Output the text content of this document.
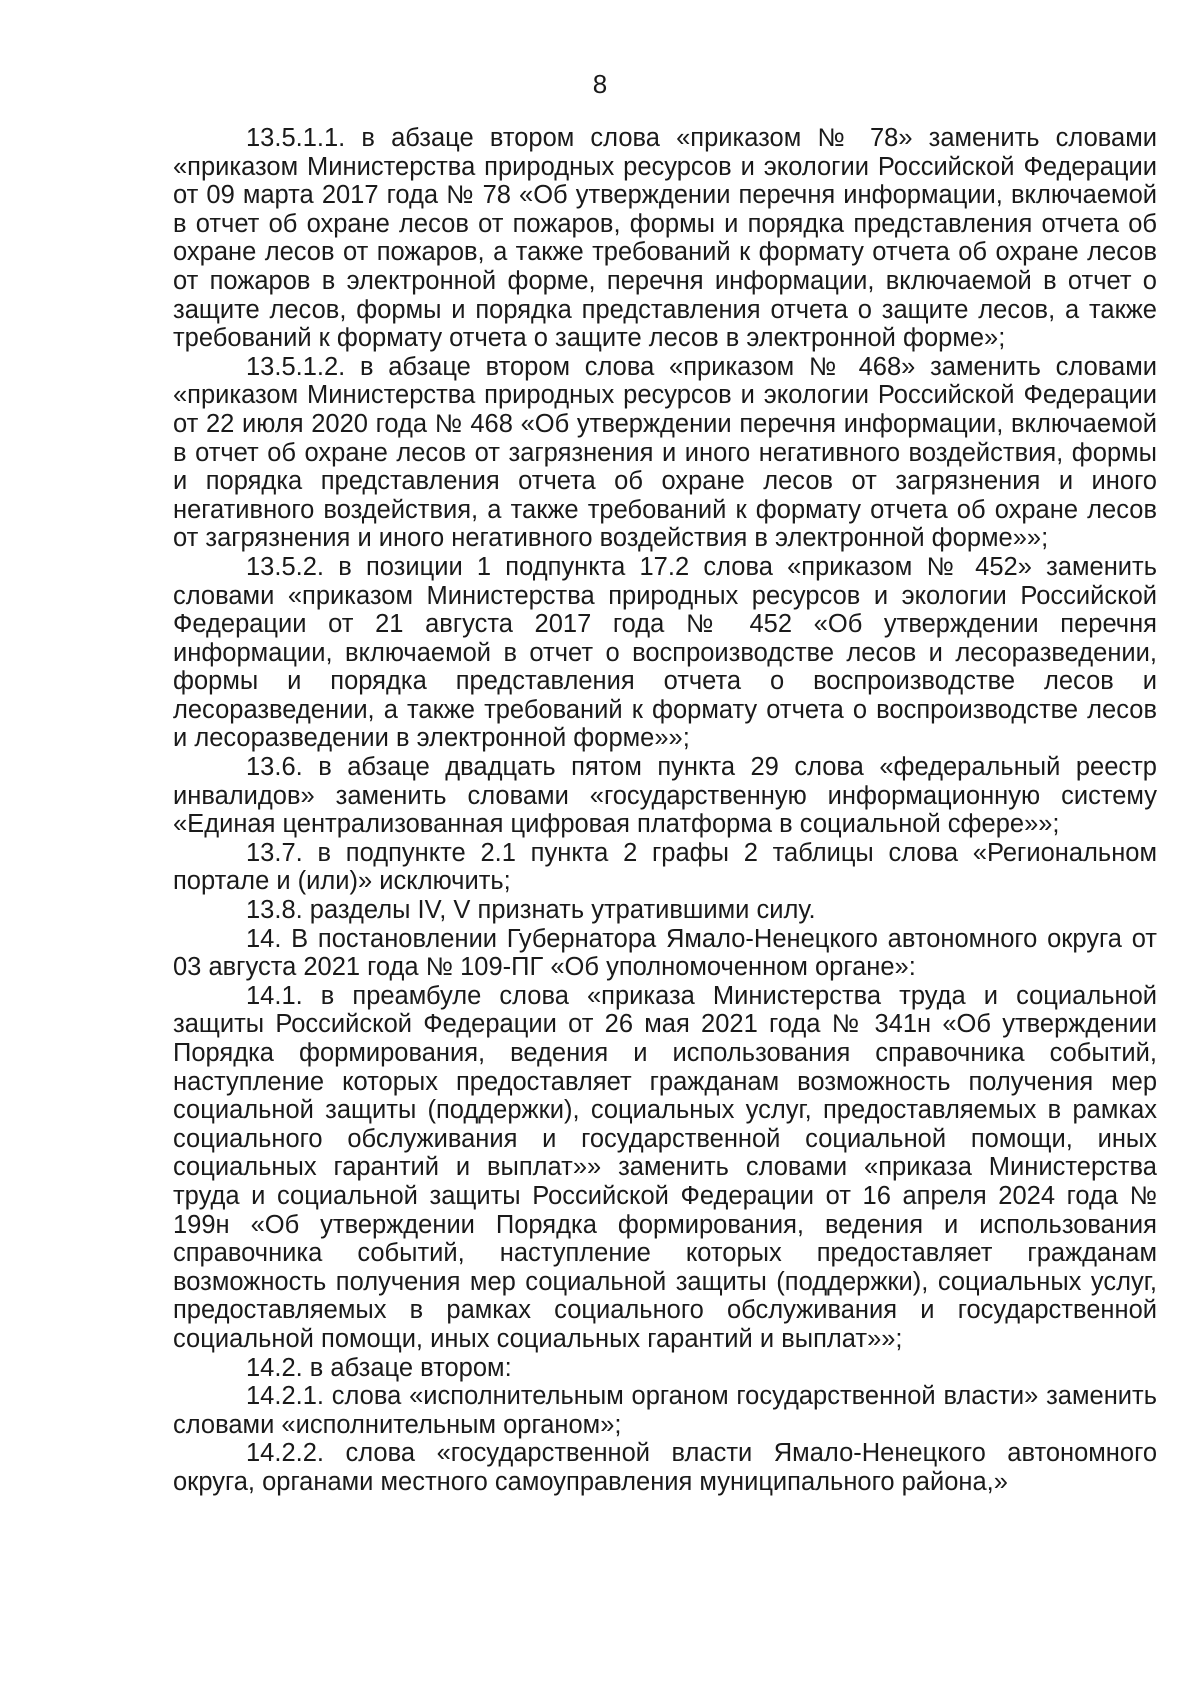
8

13.5.1.1. в абзаце втором слова «приказом № 78» заменить словами «приказом Министерства природных ресурсов и экологии Российской Федерации от 09 марта 2017 года № 78 «Об утверждении перечня информации, включаемой в отчет об охране лесов от пожаров, формы и порядка представления отчета об охране лесов от пожаров, а также требований к формату отчета об охране лесов от пожаров в электронной форме, перечня информации, включаемой в отчет о защите лесов, формы и порядка представления отчета о защите лесов, а также требований к формату отчета о защите лесов в электронной форме»;

13.5.1.2. в абзаце втором слова «приказом № 468» заменить словами «приказом Министерства природных ресурсов и экологии Российской Федерации от 22 июля 2020 года № 468 «Об утверждении перечня информации, включаемой в отчет об охране лесов от загрязнения и иного негативного воздействия, формы и порядка представления отчета об охране лесов от загрязнения и иного негативного воздействия, а также требований к формату отчета об охране лесов от загрязнения и иного негативного воздействия в электронной форме»»;

13.5.2. в позиции 1 подпункта 17.2 слова «приказом № 452» заменить словами «приказом Министерства природных ресурсов и экологии Российской Федерации от 21 августа 2017 года № 452 «Об утверждении перечня информации, включаемой в отчет о воспроизводстве лесов и лесоразведении, формы и порядка представления отчета о воспроизводстве лесов и лесоразведении, а также требований к формату отчета о воспроизводстве лесов и лесоразведении в электронной форме»»;

13.6. в абзаце двадцать пятом пункта 29 слова «федеральный реестр инвалидов» заменить словами «государственную информационную систему «Единая централизованная цифровая платформа в социальной сфере»»;

13.7. в подпункте 2.1 пункта 2 графы 2 таблицы слова «Региональном портале и (или)» исключить;

13.8. разделы IV, V признать утратившими силу.

14. В постановлении Губернатора Ямало-Ненецкого автономного округа от 03 августа 2021 года № 109-ПГ «Об уполномоченном органе»:

14.1. в преамбуле слова «приказа Министерства труда и социальной защиты Российской Федерации от 26 мая 2021 года № 341н «Об утверждении Порядка формирования, ведения и использования справочника событий, наступление которых предоставляет гражданам возможность получения мер социальной защиты (поддержки), социальных услуг, предоставляемых в рамках социального обслуживания и государственной социальной помощи, иных социальных гарантий и выплат»» заменить словами «приказа Министерства труда и социальной защиты Российской Федерации от 16 апреля 2024 года № 199н «Об утверждении Порядка формирования, ведения и использования справочника событий, наступление которых предоставляет гражданам возможность получения мер социальной защиты (поддержки), социальных услуг, предоставляемых в рамках социального обслуживания и государственной социальной помощи, иных социальных гарантий и выплат»»;

14.2. в абзаце втором:

14.2.1. слова «исполнительным органом государственной власти» заменить словами «исполнительным органом»;

14.2.2. слова «государственной власти Ямало-Ненецкого автономного округа, органами местного самоуправления муниципального района,»
